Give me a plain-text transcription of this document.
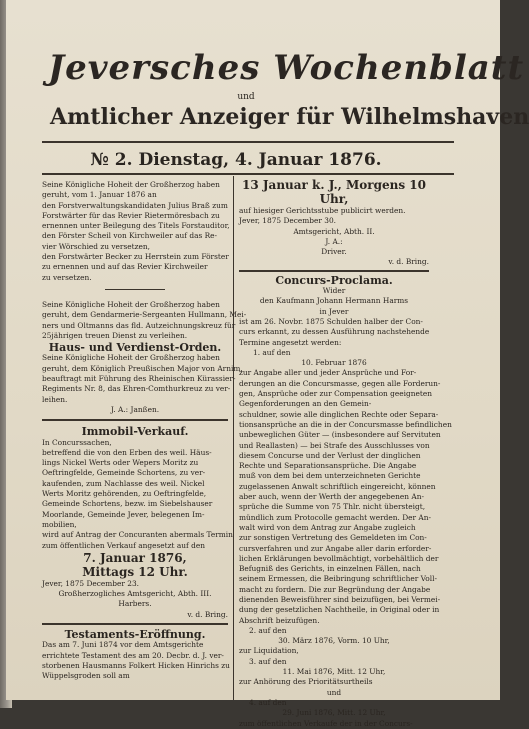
Jeversches Wochenblatt
und
Amtlicher Anzeiger für Wilhelmshaven
№ 2. Dienstag, 4. Januar 1876.
Seine Königliche Hoheit der Großherzog haben
geruht, vom 1. Januar 1876 an
den Forstverwaltungskandidaten Julius Braß zum
Forstwärter für das Revier Rietermöresbach zu
ernennen unter Beilegung des Titels Forstauditor,
den Förster Scheil von Kirchweiler auf das Re-
vier Wörschied zu versetzen,
den Forstwärter Becker zu Herrstein zum Förster
zu ernennen und auf das Revier Kirchweiler
zu versetzen.
Seine Königliche Hoheit der Großherzog haben
geruht, dem Gendarmerie-Sergeanten Hullmann, Mei-
ners und Oltmanns das fld. Autzeichnungskreuz für
25jährigen treuen Dienst zu verleihen.
Haus- und Verdienst-Orden.
Seine Königliche Hoheit der Großherzog haben
geruht, dem Königlich Preußischen Major von Arnim,
beauftragt mit Führung des Rheinischen Kürassier-
Regiments Nr. 8, das Ehren-Comthurkreuz zu ver-
leihen.
J. A.: Janßen.
Immobil-Verkauf.
In Concurssachen,
betreffend die von den Erben des weil. Häus-
lings Nickel Werts oder Wepers Moritz zu
Oeftringfelde, Gemeinde Schortens, zu ver-
kaufenden, zum Nachlasse des weil. Nickel
Werts Moritz gehörenden, zu Oeftringfelde,
Gemeinde Schortens, bezw. im Siebelshauser
Moorlande, Gemeinde Jever, belegenen Im-
mobilien,
wird auf Antrag der Concuranten abermals Termin
zum öffentlichen Verkauf angesetzt auf den
7. Januar 1876,
Mittags 12 Uhr.
Jever, 1875 December 23.
Großherzogliches Amtsgericht, Abth. III.
Harbers.
v. d. Bring.
Testaments-Eröffnung.
Das am 7. Juni 1874 vor dem Amtsgerichte
errichtete Testament des am 20. Decbr. d. J. ver-
storbenen Hausmanns Folkert Hicken Hinrichs zu
Wüppelsgroden soll am
13 Januar k. J., Morgens 10 Uhr,
auf hiesiger Gerichtsstube publicirt werden.
Jever, 1875 December 30.
Amtsgericht, Abth. II.
J. A.:
Driver.
v. d. Bring.
Concurs-Proclama.
Wider
den Kaufmann Johann Hermann Harms
in Jever
ist am 26. Novbr. 1875 Schulden halber der Con-
curs erkannt, zu dessen Ausführung nachstehende
Termine angesetzt werden:
1. auf den
10. Februar 1876
zur Angabe aller und jeder Ansprüche und For-
derungen an die Concursmasse, gegen alle Forderun-
gen, Ansprüche oder zur Compensation geeigneten
Gegenforderungen an den Gemein-
schuldner, sowie alle dinglichen Rechte oder Separa-
tionsansprüche an die in der Concursmasse befindlichen
unbeweglichen Güter — (insbesondere auf Servituten
und Reallasten) — bei Strafe des Ausschlusses von
diesem Concurse und der Verlust der dinglichen
Rechte und Separationsansprüche. Die Angabe
muß von dem bei dem unterzeichneten Gerichte
zugelassenen Anwalt schriftlich eingereicht, können
aber auch, wenn der Werth der angegebenen An-
sprüche die Summe von 75 Thlr. nicht übersteigt,
mündlich zum Protocolle gemacht werden. Der An-
walt wird von dem Antrag zur Angabe zugleich
zur sonstigen Vertretung des Gemeldeten im Con-
cursverfahren und zur Angabe aller darin erforder-
lichen Erklärungen bevollmächtigt, vorbehältlich der
Befugniß des Gerichts, in einzelnen Fällen, nach
seinem Ermessen, die Beibringung schriftlicher Voll-
macht zu fordern. Die zur Begründung der Angabe
dienenden Beweisführer sind beizufügen, bei Vermei-
dung der gesetzlichen Nachtheile, in Original oder in
Abschrift beizufügen.
2. auf den
30. März 1876, Vorm. 10 Uhr,
zur Liquidation,
3. auf den
11. Mai 1876, Mitt. 12 Uhr,
zur Anhörung des Prioritätsurtheils
und
4. auf den
29. Juni 1876, Mitt. 12 Uhr,
zum öffentlichen Verkaufe der in der Concurs-
